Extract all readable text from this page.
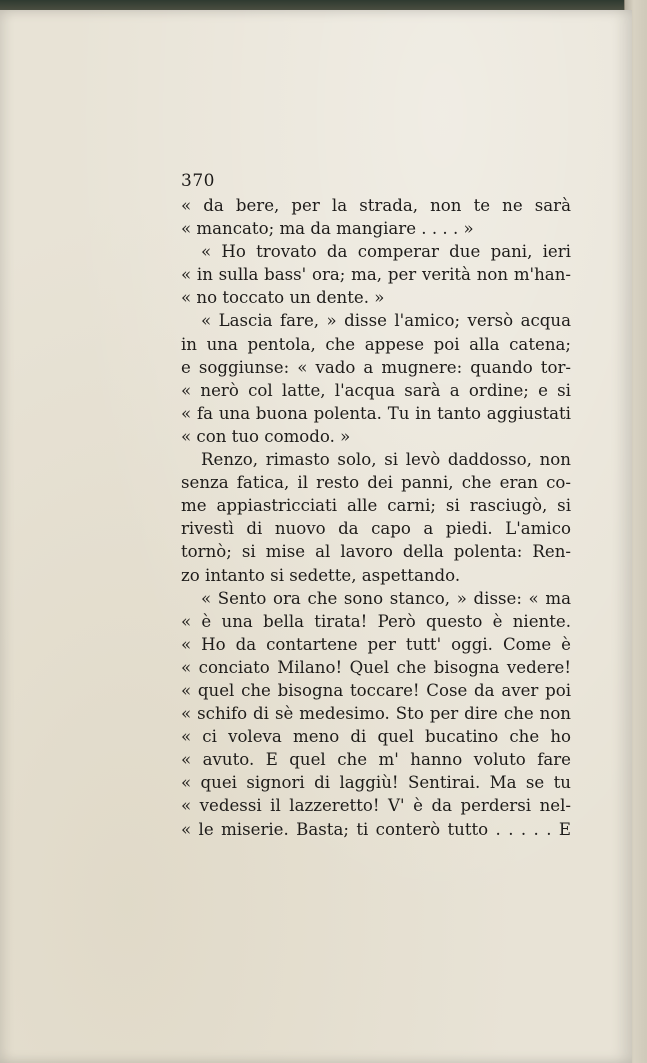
370
« da bere, per la strada, non te ne sarà
« mancato; ma da mangiare . . . . »
« Ho trovato da comperar due pani, ieri
« in sulla bass' ora; ma, per verità non m'han-
« no toccato un dente. »
« Lascia fare, » disse l'amico; versò acqua
in una pentola, che appese poi alla catena;
e soggiunse: « vado a mugnere: quando tor-
« nerò col latte, l'acqua sarà a ordine; e si
« fa una buona polenta. Tu in tanto aggiustati
« con tuo comodo. »
Renzo, rimasto solo, si levò daddosso, non
senza fatica, il resto dei panni, che eran co-
me appiastricciati alle carni; si rasciugò, si
rivestì di nuovo da capo a piedi. L'amico
tornò; si mise al lavoro della polenta: Ren-
zo intanto si sedette, aspettando.
« Sento ora che sono stanco, » disse: « ma
« è una bella tirata! Però questo è niente.
« Ho da contartene per tutt' oggi. Come è
« conciato Milano! Quel che bisogna vedere!
« quel che bisogna toccare! Cose da aver poi
« schifo di sè medesimo. Sto per dire che non
« ci voleva meno di quel bucatino che ho
« avuto. E quel che m' hanno voluto fare
« quei signori di laggiù! Sentirai. Ma se tu
« vedessi il lazzeretto! V' è da perdersi nel-
« le miserie. Basta; ti conterò tutto . . . . . E
